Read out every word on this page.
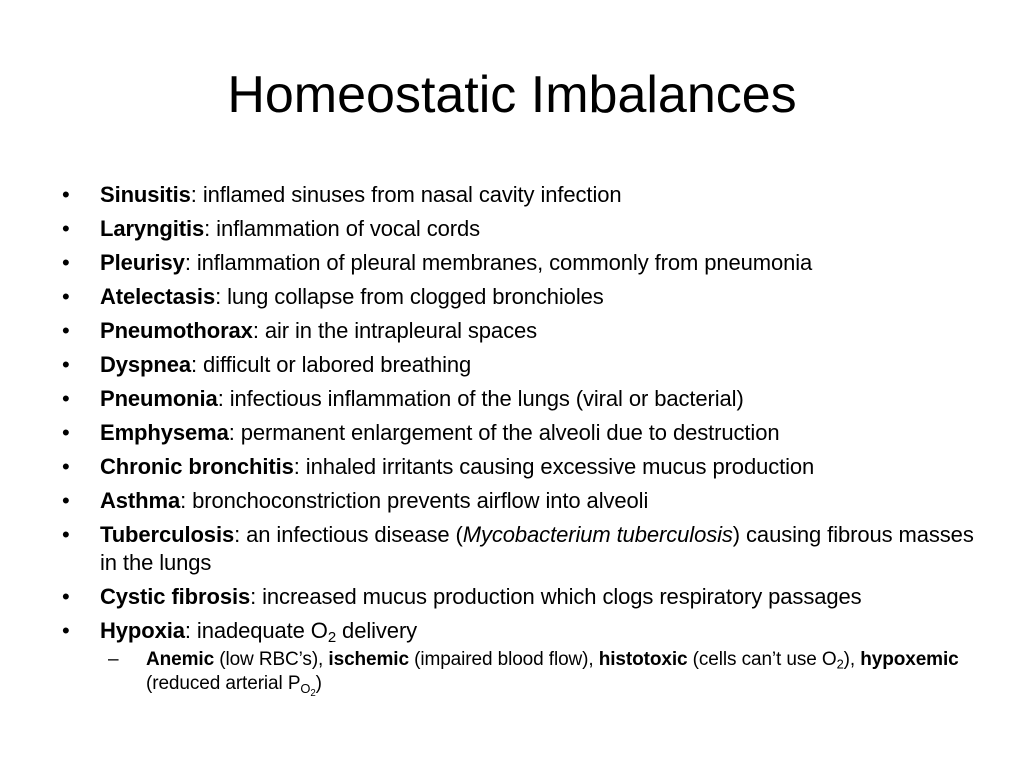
Homeostatic Imbalances
•	Sinusitis: inflamed sinuses from nasal cavity infection
•	Laryngitis: inflammation of vocal cords
•	Pleurisy: inflammation of pleural membranes, commonly from pneumonia
•	Atelectasis: lung collapse from clogged bronchioles
•	Pneumothorax: air in the intrapleural spaces
•	Dyspnea: difficult or labored breathing
•	Pneumonia: infectious inflammation of the lungs (viral or bacterial)
•	Emphysema: permanent enlargement of the alveoli due to destruction
•	Chronic bronchitis: inhaled irritants causing excessive mucus production
•	Asthma: bronchoconstriction prevents airflow into alveoli
•	Tuberculosis: an infectious disease (Mycobacterium tuberculosis) causing fibrous masses in the lungs
•	Cystic fibrosis: increased mucus production which clogs respiratory passages
•	Hypoxia: inadequate $O_2$ delivery
–	Anemic (low RBC’s), ischemic (impaired blood flow), histotoxic (cells can’t use $O_2$), hypoxemic (reduced arterial $P_{O_2}$)
